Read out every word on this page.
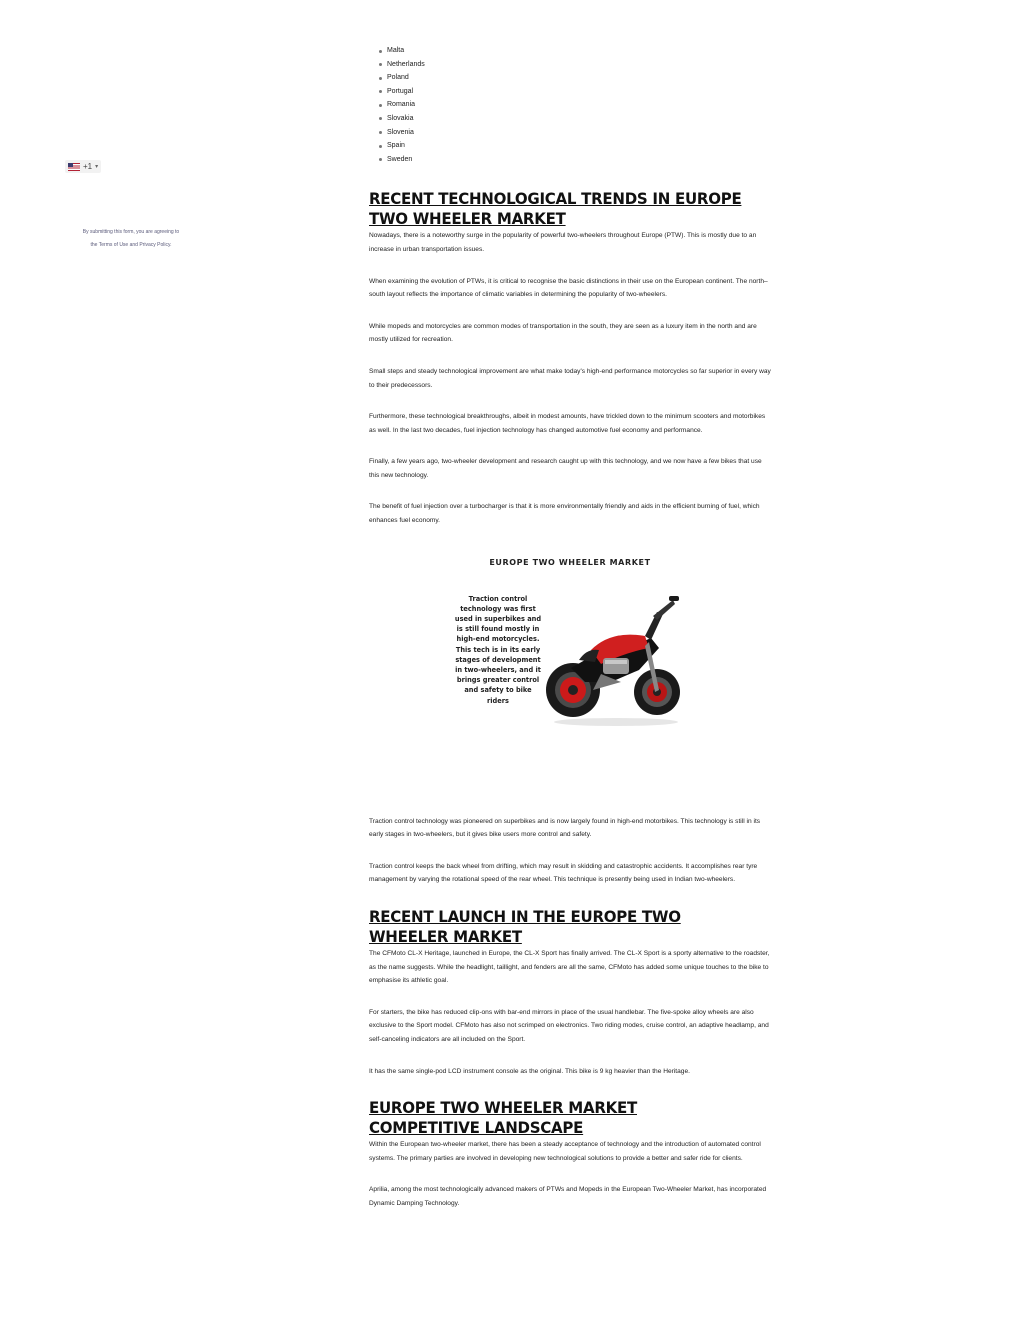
+1 ▾
By submitting this form, you are agreeing to
the Terms of Use and Privacy Policy.
Malta
Netherlands
Poland
Portugal
Romania
Slovakia
Slovenia
Spain
Sweden
RECENT TECHNOLOGICAL TRENDS IN EUROPE TWO WHEELER MARKET

Nowadays, there is a noteworthy surge in the popularity of powerful two-wheelers throughout Europe (PTW). This is mostly due to an increase in urban transportation issues.

When examining the evolution of PTWs, it is critical to recognise the basic distinctions in their use on the European continent. The north–south layout reflects the importance of climatic variables in determining the popularity of two-wheelers.

While mopeds and motorcycles are common modes of transportation in the south, they are seen as a luxury item in the north and are mostly utilized for recreation.

Small steps and steady technological improvement are what make today's high-end performance motorcycles so far superior in every way to their predecessors.

Furthermore, these technological breakthroughs, albeit in modest amounts, have trickled down to the minimum scooters and motorbikes as well. In the last two decades, fuel injection technology has changed automotive fuel economy and performance.

Finally, a few years ago, two-wheeler development and research caught up with this technology, and we now have a few bikes that use this new technology.

The benefit of fuel injection over a turbocharger is that it is more environmentally friendly and aids in the efficient burning of fuel, which enhances fuel economy.

EUROPE TWO WHEELER MARKET
Traction control technology was first used in superbikes and is still found mostly in high-end motorcycles. This tech is in its early stages of development in two-wheelers, and it brings greater control and safety to bike riders

Traction control technology was pioneered on superbikes and is now largely found in high-end motorbikes. This technology is still in its early stages in two-wheelers, but it gives bike users more control and safety.

Traction control keeps the back wheel from drifting, which may result in skidding and catastrophic accidents. It accomplishes rear tyre management by varying the rotational speed of the rear wheel. This technique is presently being used in Indian two-wheelers.

RECENT LAUNCH IN THE EUROPE TWO WHEELER MARKET

The CFMoto CL-X Heritage, launched in Europe, the CL-X Sport has finally arrived. The CL-X Sport is a sporty alternative to the roadster, as the name suggests. While the headlight, taillight, and fenders are all the same, CFMoto has added some unique touches to the bike to emphasise its athletic goal.

For starters, the bike has reduced clip-ons with bar-end mirrors in place of the usual handlebar. The five-spoke alloy wheels are also exclusive to the Sport model. CFMoto has also not scrimped on electronics. Two riding modes, cruise control, an adaptive headlamp, and self-canceling indicators are all included on the Sport.

It has the same single-pod LCD instrument console as the original. This bike is 9 kg heavier than the Heritage.

EUROPE TWO WHEELER MARKET COMPETITIVE LANDSCAPE

Within the European two-wheeler market, there has been a steady acceptance of technology and the introduction of automated control systems. The primary parties are involved in developing new technological solutions to provide a better and safer ride for clients.

Aprilia, among the most technologically advanced makers of PTWs and Mopeds in the European Two-Wheeler Market, has incorporated Dynamic Damping Technology.
